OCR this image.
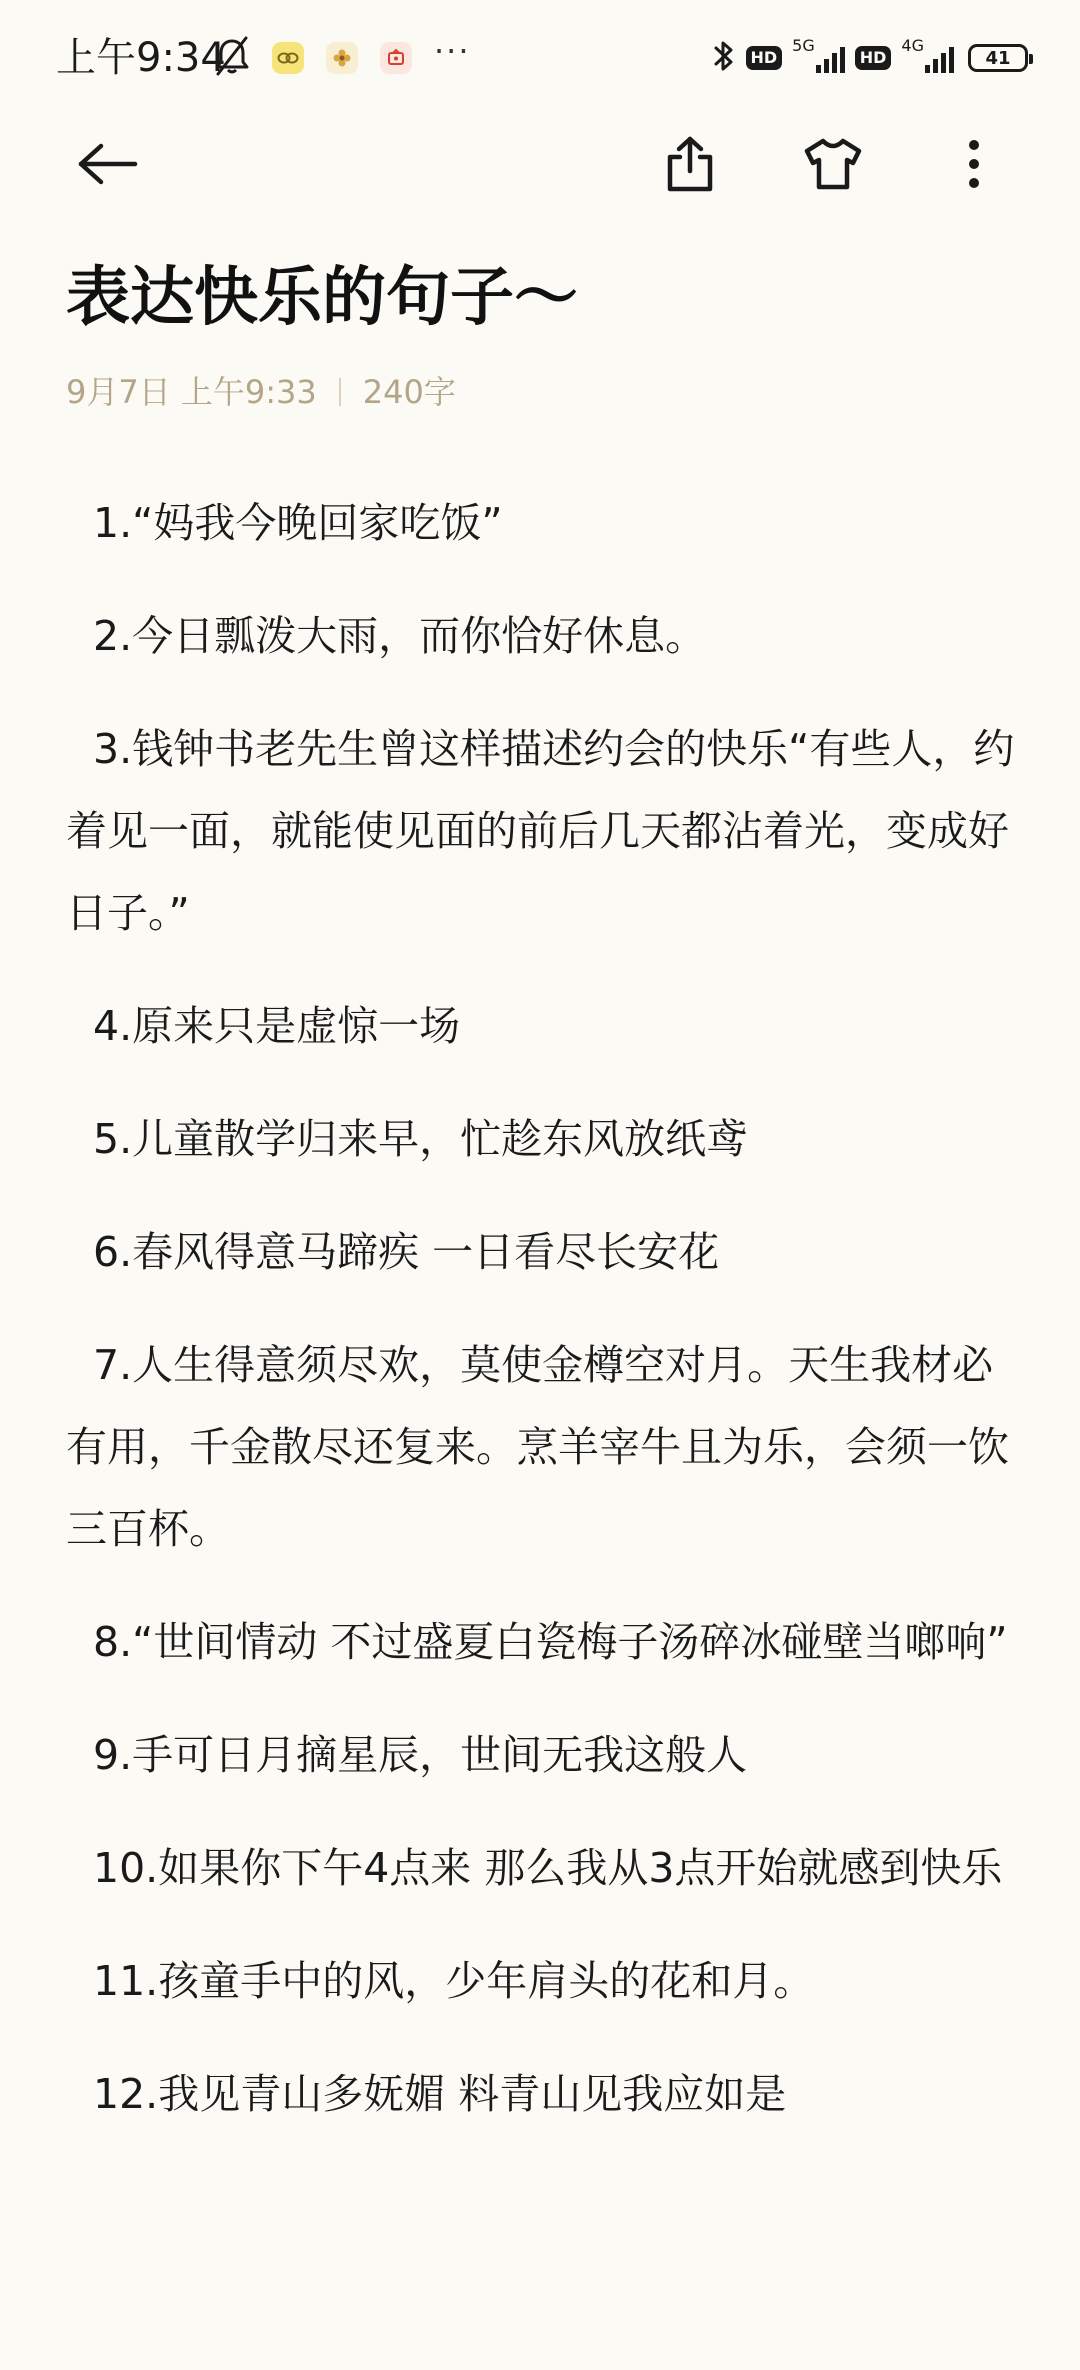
上午9:34	···	HD
5G
HD
4G
41
表达快乐的句子～
9月7日 上午9:33 240字

1.“妈我今晚回家吃饭”

2.今日瓢泼大雨，而你恰好休息。

3.钱钟书老先生曾这样描述约会的快乐“有些人，约着见一面，就能使见面的前后几天都沾着光，变成好日子。”

4.原来只是虚惊一场

5.儿童散学归来早，忙趁东风放纸鸢

6.春风得意马蹄疾 一日看尽长安花

7.人生得意须尽欢，莫使金樽空对月。天生我材必有用，千金散尽还复来。烹羊宰牛且为乐，会须一饮三百杯。

8.“世间情动 不过盛夏白瓷梅子汤碎冰碰壁当啷响”

9.手可日月摘星辰，世间无我这般人

10.如果你下午4点来 那么我从3点开始就感到快乐

11.孩童手中的风，少年肩头的花和月。

12.我见青山多妩媚 料青山见我应如是
